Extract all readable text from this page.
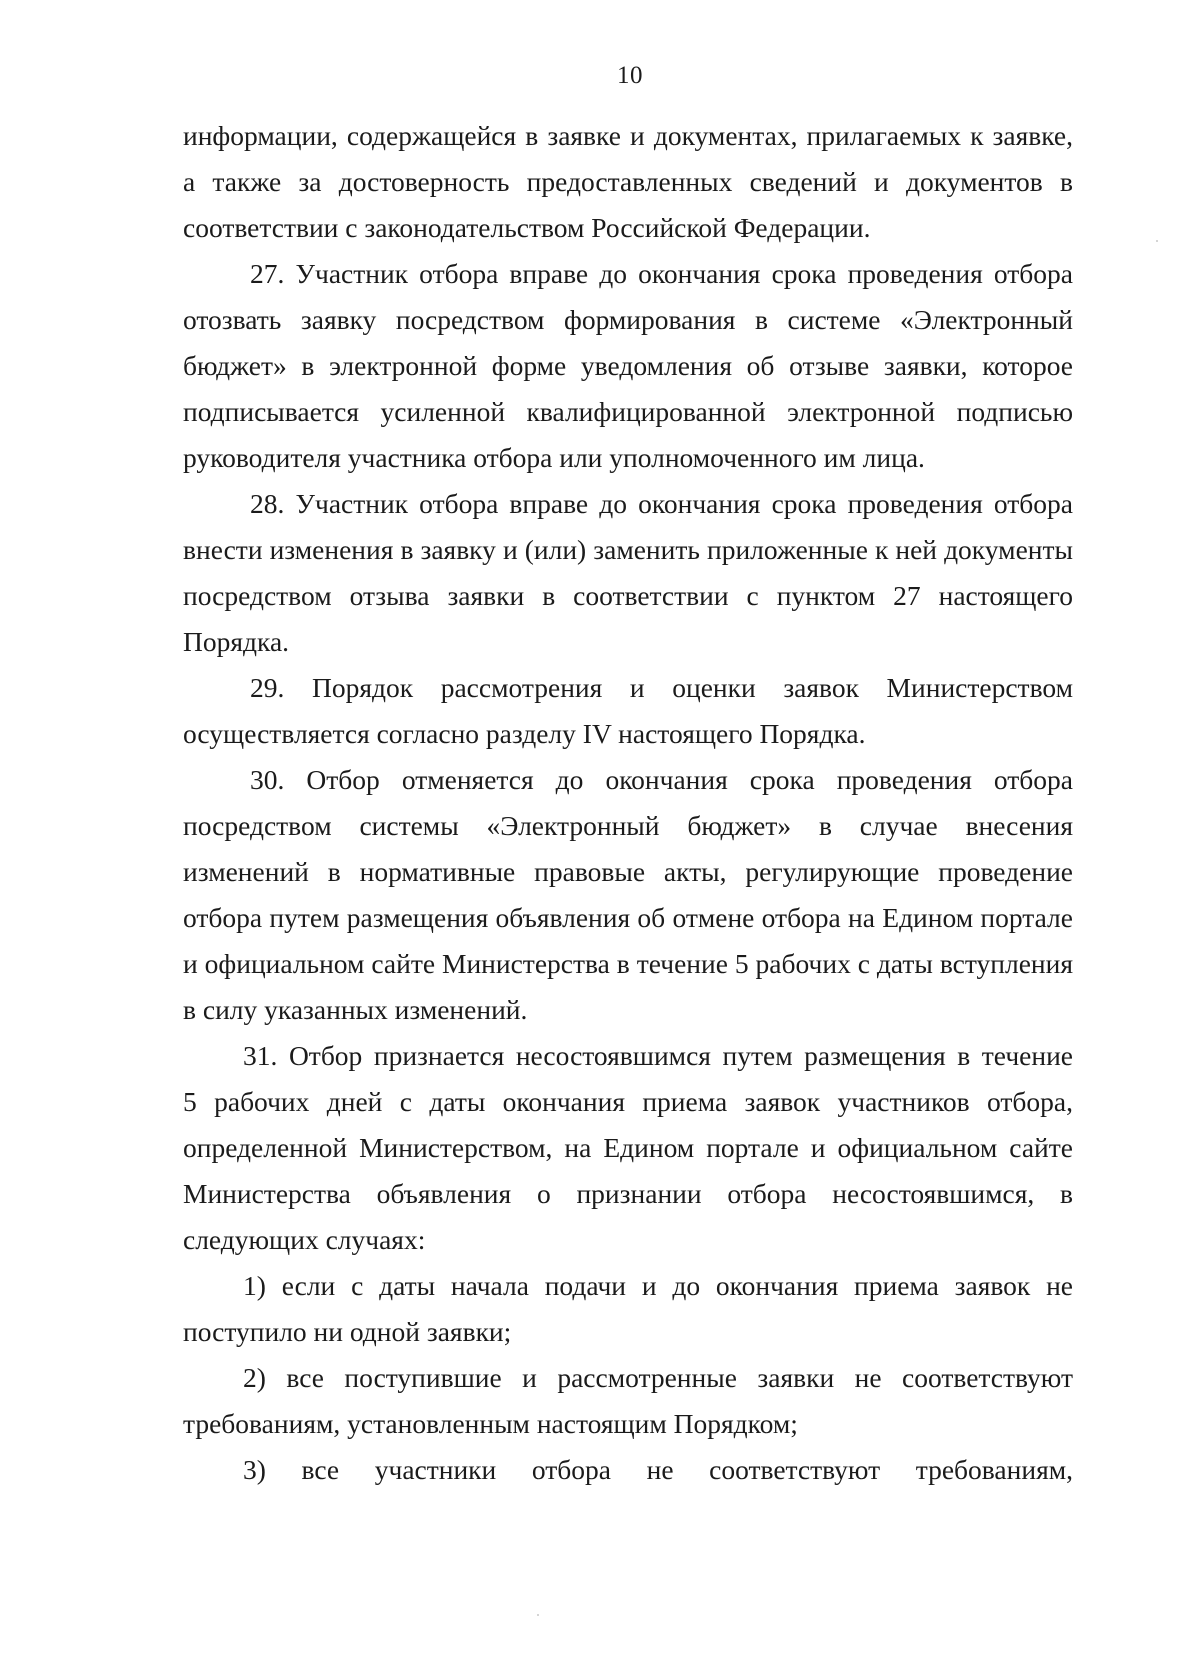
10
информации, содержащейся в заявке и документах, прилагаемых к заявке,
а также за достоверность предоставленных сведений и документов в
соответствии с законодательством Российской Федерации.
27. Участник отбора вправе до окончания срока проведения отбора
отозвать заявку посредством формирования в системе «Электронный
бюджет» в электронной форме уведомления об отзыве заявки, которое
подписывается усиленной квалифицированной электронной подписью
руководителя участника отбора или уполномоченного им лица.
28. Участник отбора вправе до окончания срока проведения отбора
внести изменения в заявку и (или) заменить приложенные к ней документы
посредством отзыва заявки в соответствии с пунктом 27 настоящего
Порядка.
29. Порядок рассмотрения и оценки заявок Министерством
осуществляется согласно разделу IV настоящего Порядка.
30. Отбор отменяется до окончания срока проведения отбора
посредством системы «Электронный бюджет» в случае внесения
изменений в нормативные правовые акты, регулирующие проведение
отбора путем размещения объявления об отмене отбора на Едином портале
и официальном сайте Министерства в течение 5 рабочих с даты вступления
в силу указанных изменений.
31. Отбор признается несостоявшимся путем размещения в течение
5 рабочих дней с даты окончания приема заявок участников отбора,
определенной Министерством, на Едином портале и официальном сайте
Министерства объявления о признании отбора несостоявшимся, в
следующих случаях:
1) если с даты начала подачи и до окончания приема заявок не
поступило ни одной заявки;
2) все поступившие и рассмотренные заявки не соответствуют
требованиям, установленным настоящим Порядком;
3) все участники отбора не соответствуют требованиям,
